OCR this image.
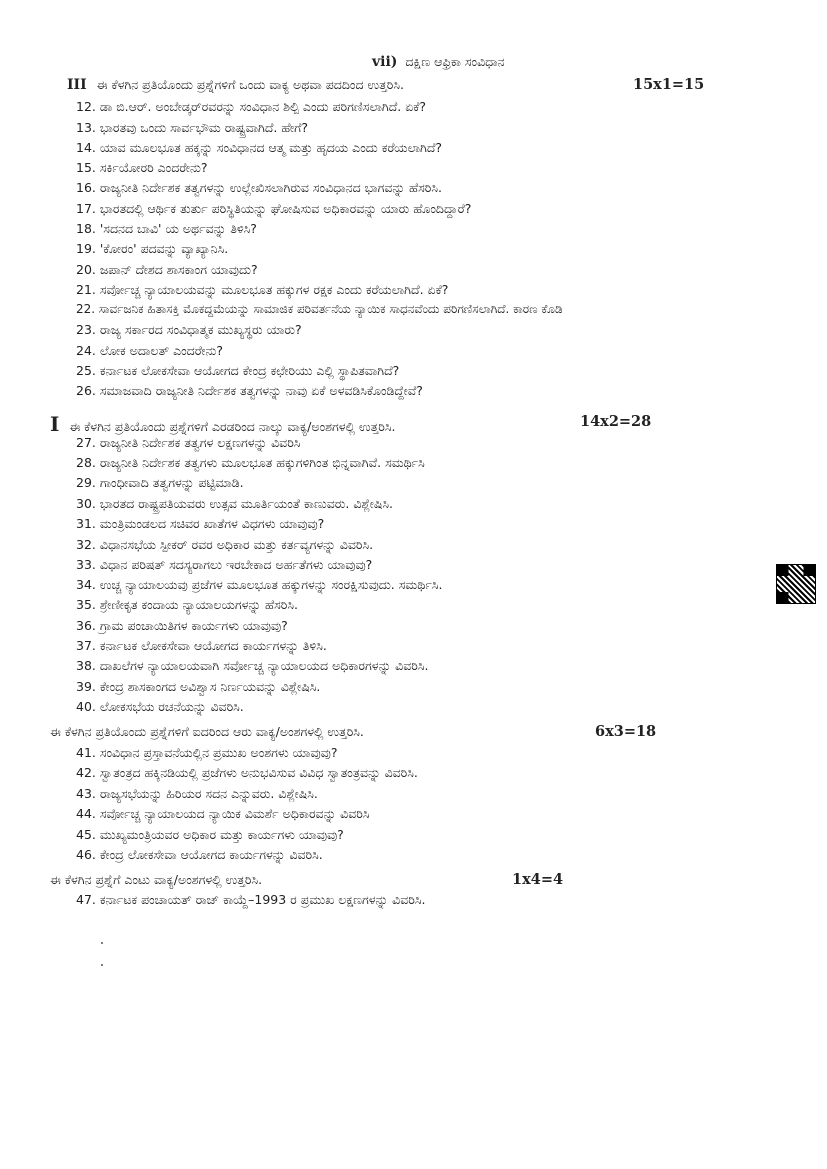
vii) ದಕ್ಷಿಣ ಆಫ್ರಿಕಾ ಸಂವಿಧಾನ
III ಈ ಕೆಳಗಿನ ಪ್ರತಿಯೊಂದು ಪ್ರಶ್ನೆಗಳಿಗೆ ಒಂದು ವಾಕ್ಯ ಅಥವಾ ಪದದಿಂದ ಉತ್ತರಿಸಿ.	15x1=15
I ಈ ಕೆಳಗಿನ ಪ್ರತಿಯೊಂದು ಪ್ರಶ್ನೆಗಳಿಗೆ ಎರಡರಿಂದ ನಾಲ್ಕು ವಾಕ್ಯ/ಅಂಶಗಳಲ್ಲಿ ಉತ್ತರಿಸಿ.	14x2=28
ಈ ಕೆಳಗಿನ ಪ್ರತಿಯೊಂದು ಪ್ರಶ್ನೆಗಳಿಗೆ ಐದರಿಂದ ಆರು ವಾಕ್ಯ/ಅಂಶಗಳಲ್ಲಿ ಉತ್ತರಿಸಿ.	6x3=18
ಈ ಕೆಳಗಿನ ಪ್ರಶ್ನೆಗೆ ಎಂಟು ವಾಕ್ಯ/ಅಂಶಗಳಲ್ಲಿ ಉತ್ತರಿಸಿ.	1x4=4
12. ಡಾ ಬಿ.ಆರ್. ಅಂಬೇಡ್ಕರ್‌ರವರನ್ನು ಸಂವಿಧಾನ ಶಿಲ್ಪಿ ಎಂದು ಪರಿಗಣಿಸಲಾಗಿದೆ. ಏಕೆ?
13. ಭಾರತವು ಒಂದು ಸಾರ್ವಭೌಮ ರಾಷ್ಟ್ರವಾಗಿದೆ. ಹೇಗೆ?
14. ಯಾವ ಮೂಲಭೂತ ಹಕ್ಕನ್ನು ಸಂವಿಧಾನದ ಆತ್ಮ ಮತ್ತು ಹೃದಯ ಎಂದು ಕರೆಯಲಾಗಿದೆ?
15. ಸರ್ಕಿಯೋರರಿ ಎಂದರೇನು?
16. ರಾಜ್ಯನೀತಿ ನಿರ್ದೇಶಕ ತತ್ವಗಳನ್ನು ಉಲ್ಲೇಖಿಸಲಾಗಿರುವ ಸಂವಿಧಾನದ ಭಾಗವನ್ನು ಹೆಸರಿಸಿ.
17. ಭಾರತದಲ್ಲಿ ಆರ್ಥಿಕ ತುರ್ತು ಪರಿಸ್ಥಿತಿಯನ್ನು ಘೋಷಿಸುವ ಅಧಿಕಾರವನ್ನು ಯಾರು ಹೊಂದಿದ್ದಾರೆ?
18. 'ಸದನದ ಬಾವಿ' ಯ ಅರ್ಥವನ್ನು ತಿಳಿಸಿ?
19. 'ಕೋರಂ' ಪದವನ್ನು ವ್ಯಾಖ್ಯಾನಿಸಿ.
20. ಜಪಾನ್ ದೇಶದ ಶಾಸಕಾಂಗ ಯಾವುದು?
21. ಸರ್ವೋಚ್ಚ ನ್ಯಾಯಾಲಯವನ್ನು ಮೂಲಭೂತ ಹಕ್ಕುಗಳ ರಕ್ಷಕ ಎಂದು ಕರೆಯಲಾಗಿದೆ. ಏಕೆ?
22. ಸಾರ್ವಜನಿಕ ಹಿತಾಸಕ್ತಿ ಮೊಕದ್ದಮೆಯನ್ನು ಸಾಮಾಜಿಕ ಪರಿವರ್ತನೆಯ ನ್ಯಾಯಿಕ ಸಾಧನವೆಂದು ಪರಿಗಣಿಸಲಾಗಿದೆ. ಕಾರಣ ಕೊಡಿ
23. ರಾಜ್ಯ ಸರ್ಕಾರದ ಸಂವಿಧಾತ್ಮಕ ಮುಖ್ಯಸ್ಥರು ಯಾರು?
24. ಲೋಕ ಅದಾಲತ್ ಎಂದರೇನು?
25. ಕರ್ನಾಟಕ ಲೋಕಸೇವಾ ಆಯೋಗದ ಕೇಂದ್ರ ಕಛೇರಿಯು ಎಲ್ಲಿ ಸ್ಥಾಪಿತವಾಗಿದೆ?
26. ಸಮಾಜವಾದಿ ರಾಜ್ಯನೀತಿ ನಿರ್ದೇಶಕ ತತ್ವಗಳನ್ನು ನಾವು ಏಕೆ ಅಳವಡಿಸಿಕೊಂಡಿದ್ದೇವೆ?
27. ರಾಜ್ಯನೀತಿ ನಿರ್ದೇಶಕ ತತ್ವಗಳ ಲಕ್ಷಣಗಳನ್ನು ವಿವರಿಸಿ
28. ರಾಜ್ಯನೀತಿ ನಿರ್ದೇಶಕ ತತ್ವಗಳು ಮೂಲಭೂತ ಹಕ್ಕುಗಳಿಗಿಂತ ಭಿನ್ನವಾಗಿವೆ. ಸಮರ್ಥಿಸಿ
29. ಗಾಂಧೀವಾದಿ ತತ್ವಗಳನ್ನು ಪಟ್ಟಿಮಾಡಿ.
30. ಭಾರತದ ರಾಷ್ಟ್ರಪತಿಯವರು ಉತ್ಸವ ಮೂರ್ತಿಯಂತೆ ಕಾಣುವರು. ವಿಶ್ಲೇಷಿಸಿ.
31. ಮಂತ್ರಿಮಂಡಲದ ಸಚಿವರ ಖಾತೆಗಳ ವಿಧಗಳು ಯಾವುವು?
32. ವಿಧಾನಸಭೆಯ ಸ್ಪೀಕರ್ ರವರ ಅಧಿಕಾರ ಮತ್ತು ಕರ್ತವ್ಯಗಳನ್ನು ವಿವರಿಸಿ.
33. ವಿಧಾನ ಪರಿಷತ್ ಸದಸ್ಯರಾಗಲು ಇರಬೇಕಾದ ಅರ್ಹತೆಗಳು ಯಾವುವು?
34. ಉಚ್ಚ ನ್ಯಾಯಾಲಯವು ಪ್ರಜೆಗಳ ಮೂಲಭೂತ ಹಕ್ಕುಗಳನ್ನು ಸಂರಕ್ಷಿಸುವುದು. ಸಮರ್ಥಿಸಿ.
35. ಶ್ರೇಣೀಕೃತ ಕಂದಾಯ ನ್ಯಾಯಾಲಯಗಳನ್ನು ಹೆಸರಿಸಿ.
36. ಗ್ರಾಮ ಪಂಚಾಯಿತಿಗಳ ಕಾರ್ಯಗಳು ಯಾವುವು?
37. ಕರ್ನಾಟಕ ಲೋಕಸೇವಾ ಆಯೋಗದ ಕಾರ್ಯಗಳನ್ನು ತಿಳಿಸಿ.
38. ದಾಖಲೆಗಳ ನ್ಯಾಯಾಲಯವಾಗಿ ಸರ್ವೋಚ್ಚ ನ್ಯಾಯಾಲಯದ ಅಧಿಕಾರಗಳನ್ನು ವಿವರಿಸಿ.
39. ಕೇಂದ್ರ ಶಾಸಕಾಂಗದ ಅವಿಶ್ವಾಸ ನಿರ್ಣಯವನ್ನು ವಿಶ್ಲೇಷಿಸಿ.
40. ಲೋಕಸಭೆಯ ರಚನೆಯನ್ನು ವಿವರಿಸಿ.
41. ಸಂವಿಧಾನ ಪ್ರಸ್ತಾವನೆಯಲ್ಲಿನ ಪ್ರಮುಖ ಅಂಶಗಳು ಯಾವುವು?
42. ಸ್ವಾತಂತ್ರದ ಹಕ್ಕಿನಡಿಯಲ್ಲಿ ಪ್ರಜೆಗಳು ಅನುಭವಿಸುವ ವಿವಿಧ ಸ್ವಾತಂತ್ರವನ್ನು ವಿವರಿಸಿ.
43. ರಾಜ್ಯಸಭೆಯನ್ನು ಹಿರಿಯರ ಸದನ ಎನ್ನುವರು. ವಿಶ್ಲೇಷಿಸಿ.
44. ಸರ್ವೋಚ್ಚ ನ್ಯಾಯಾಲಯದ ನ್ಯಾಯಿಕ ವಿಮರ್ಶೆ ಅಧಿಕಾರವನ್ನು ವಿವರಿಸಿ
45. ಮುಖ್ಯಮಂತ್ರಿಯವರ ಅಧಿಕಾರ ಮತ್ತು ಕಾರ್ಯಗಳು ಯಾವುವು?
46. ಕೇಂದ್ರ ಲೋಕಸೇವಾ ಆಯೋಗದ ಕಾರ್ಯಗಳನ್ನು ವಿವರಿಸಿ.
47. ಕರ್ನಾಟಕ ಪಂಚಾಯತ್ ರಾಜ್ ಕಾಯ್ದೆ–1993 ರ ಪ್ರಮುಖ ಲಕ್ಷಣಗಳನ್ನು ವಿವರಿಸಿ.
